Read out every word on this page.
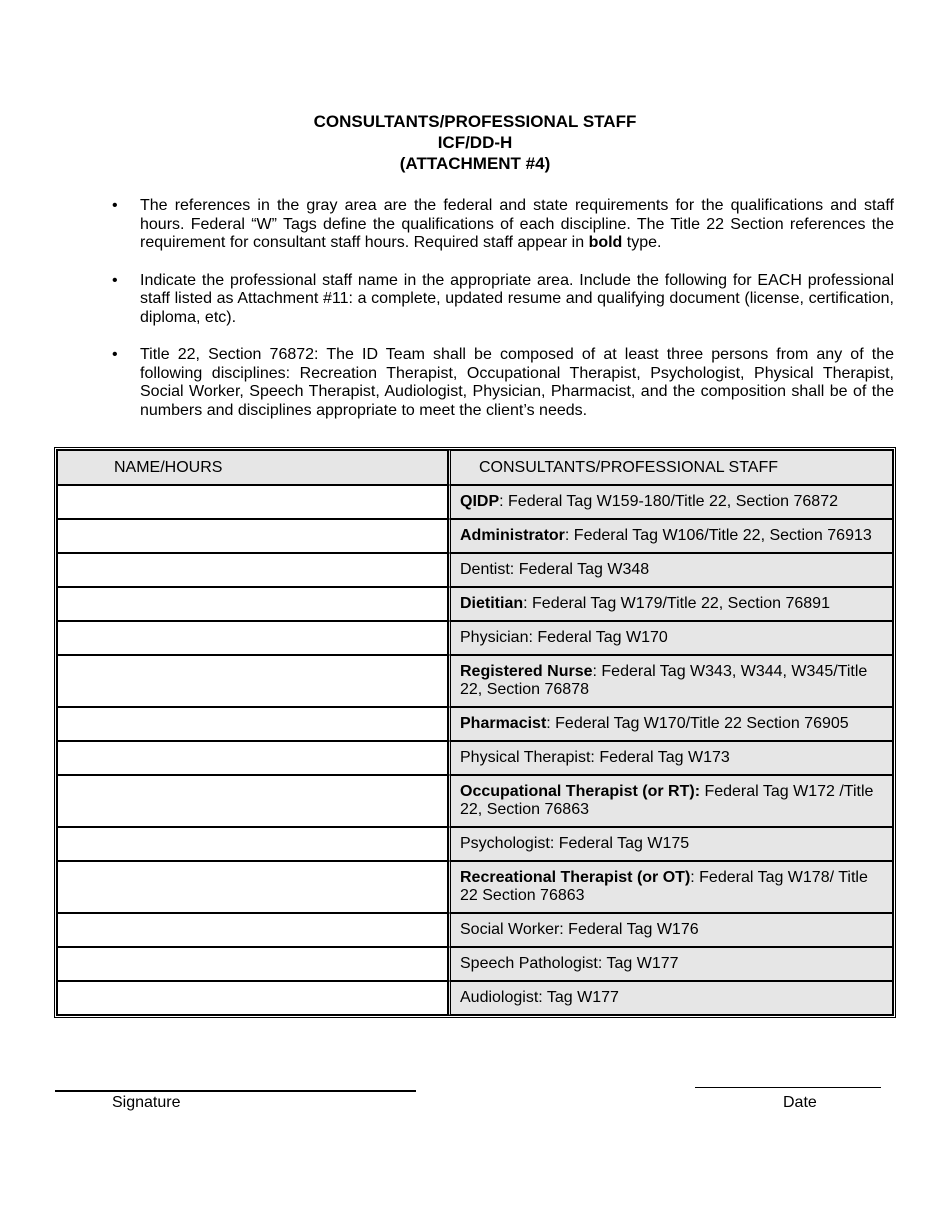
CONSULTANTS/PROFESSIONAL STAFF
ICF/DD-H
(ATTACHMENT #4)
•	The references in the gray area are the federal and state requirements for the qualifications and staff hours. Federal “W” Tags define the qualifications of each discipline. The Title 22 Section references the requirement for consultant staff hours. Required staff appear in bold type.
•	Indicate the professional staff name in the appropriate area. Include the following for EACH professional staff listed as Attachment #11: a complete, updated resume and qualifying document (license, certification, diploma, etc).
•	Title 22, Section 76872: The ID Team shall be composed of at least three persons from any of the following disciplines: Recreation Therapist, Occupational Therapist, Psychologist, Physical Therapist, Social Worker, Speech Therapist, Audiologist, Physician, Pharmacist, and the composition shall be of the numbers and disciplines appropriate to meet the client’s needs.
NAME/HOURS	CONSULTANTS/PROFESSIONAL STAFF
	QIDP: Federal Tag W159-180/Title 22, Section 76872
	Administrator: Federal Tag W106/Title 22, Section 76913
	Dentist: Federal Tag W348
	Dietitian: Federal Tag W179/Title 22, Section 76891
	Physician: Federal Tag W170
	Registered Nurse: Federal Tag W343, W344, W345/Title 22, Section 76878
	Pharmacist: Federal Tag W170/Title 22 Section 76905
	Physical Therapist: Federal Tag W173
	Occupational Therapist (or RT): Federal Tag W172 /Title 22, Section 76863
	Psychologist: Federal Tag W175
	Recreational Therapist (or OT): Federal Tag W178/ Title 22 Section 76863
	Social Worker: Federal Tag W176
	Speech Pathologist: Tag W177
	Audiologist: Tag W177
Signature	Date
